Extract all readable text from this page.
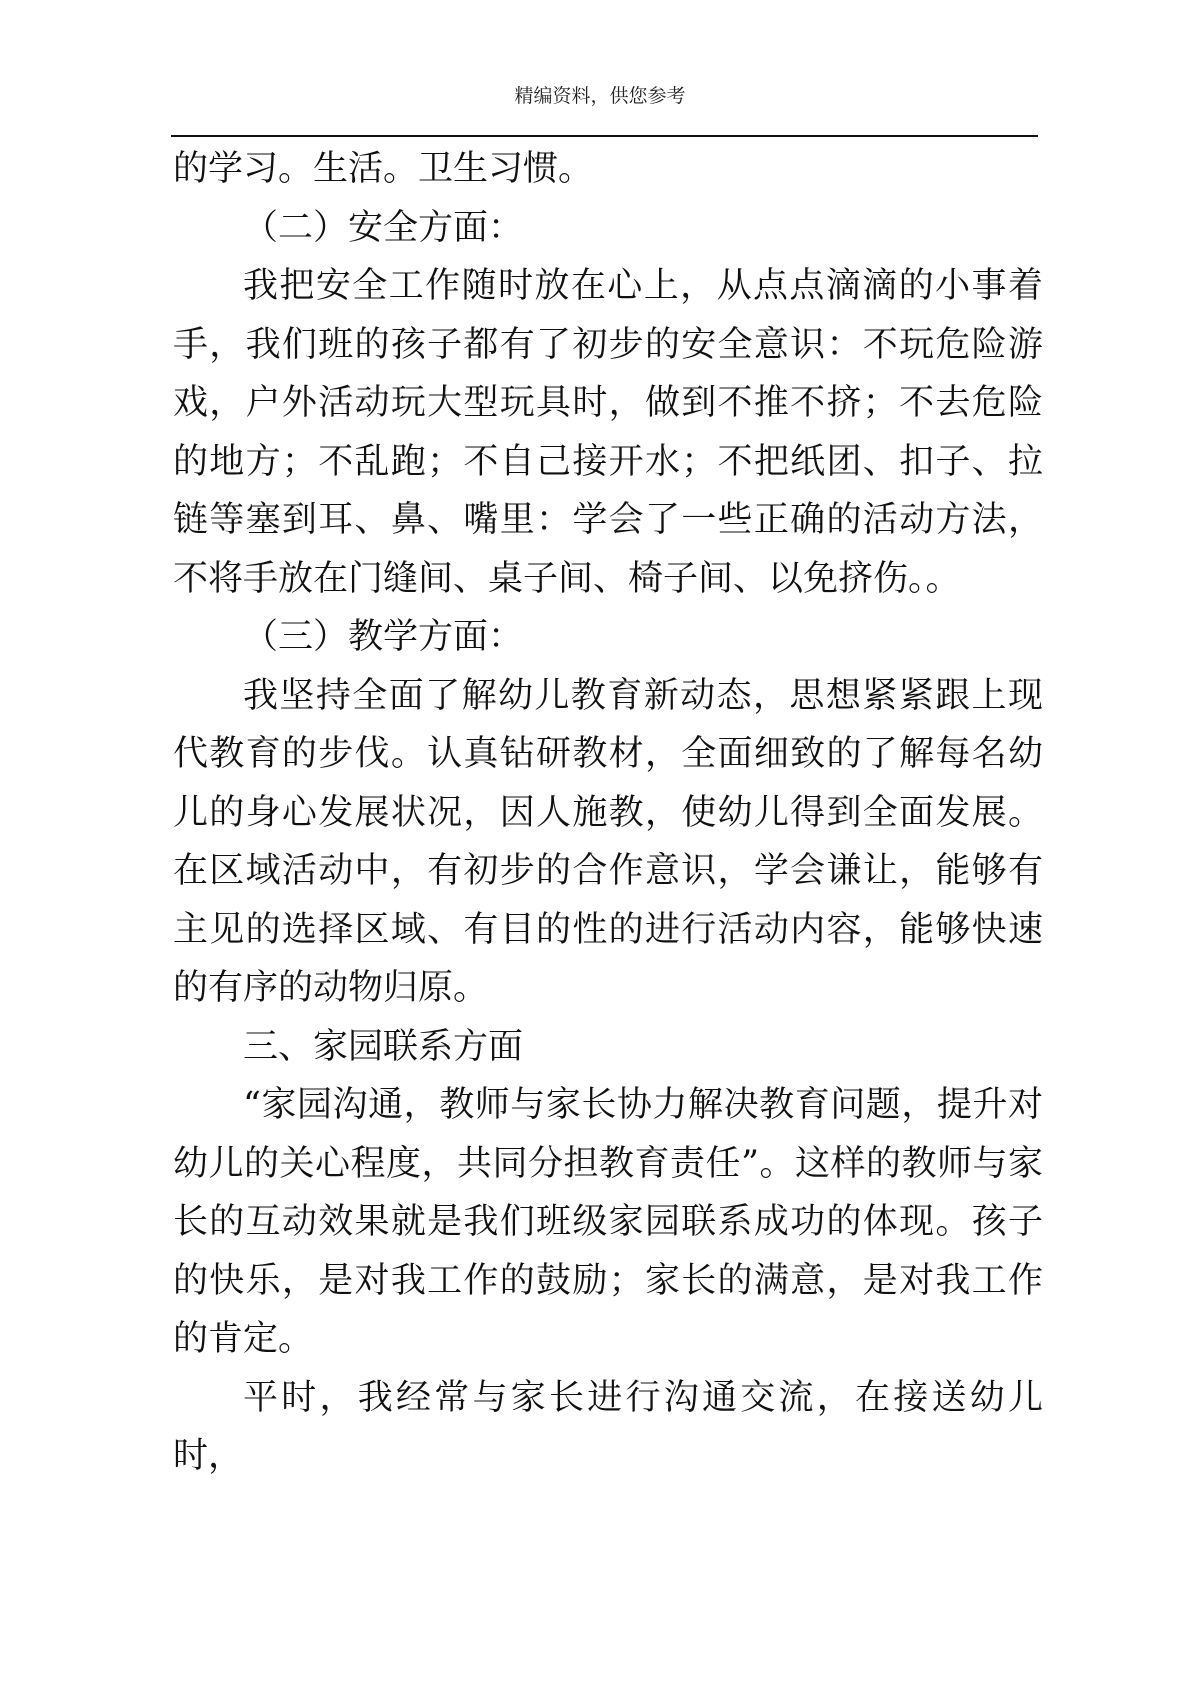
精编资料，供您参考

的学习。生活。卫生习惯。

（二）安全方面：

我把安全工作随时放在心上，从点点滴滴的小事着手，我们班的孩子都有了初步的安全意识：不玩危险游戏，户外活动玩大型玩具时，做到不推不挤；不去危险的地方；不乱跑；不自己接开水；不把纸团、扣子、拉链等塞到耳、鼻、嘴里：学会了一些正确的活动方法，不将手放在门缝间、桌子间、椅子间、以免挤伤。。

（三）教学方面：

我坚持全面了解幼儿教育新动态，思想紧紧跟上现代教育的步伐。认真钻研教材，全面细致的了解每名幼儿的身心发展状况，因人施教，使幼儿得到全面发展。在区域活动中，有初步的合作意识，学会谦让，能够有主见的选择区域、有目的性的进行活动内容，能够快速的有序的动物归原。

三、家园联系方面

“家园沟通，教师与家长协力解决教育问题，提升对幼儿的关心程度，共同分担教育责任”。这样的教师与家长的互动效果就是我们班级家园联系成功的体现。孩子的快乐，是对我工作的鼓励；家长的满意，是对我工作的肯定。

平时，我经常与家长进行沟通交流，在接送幼儿时，
